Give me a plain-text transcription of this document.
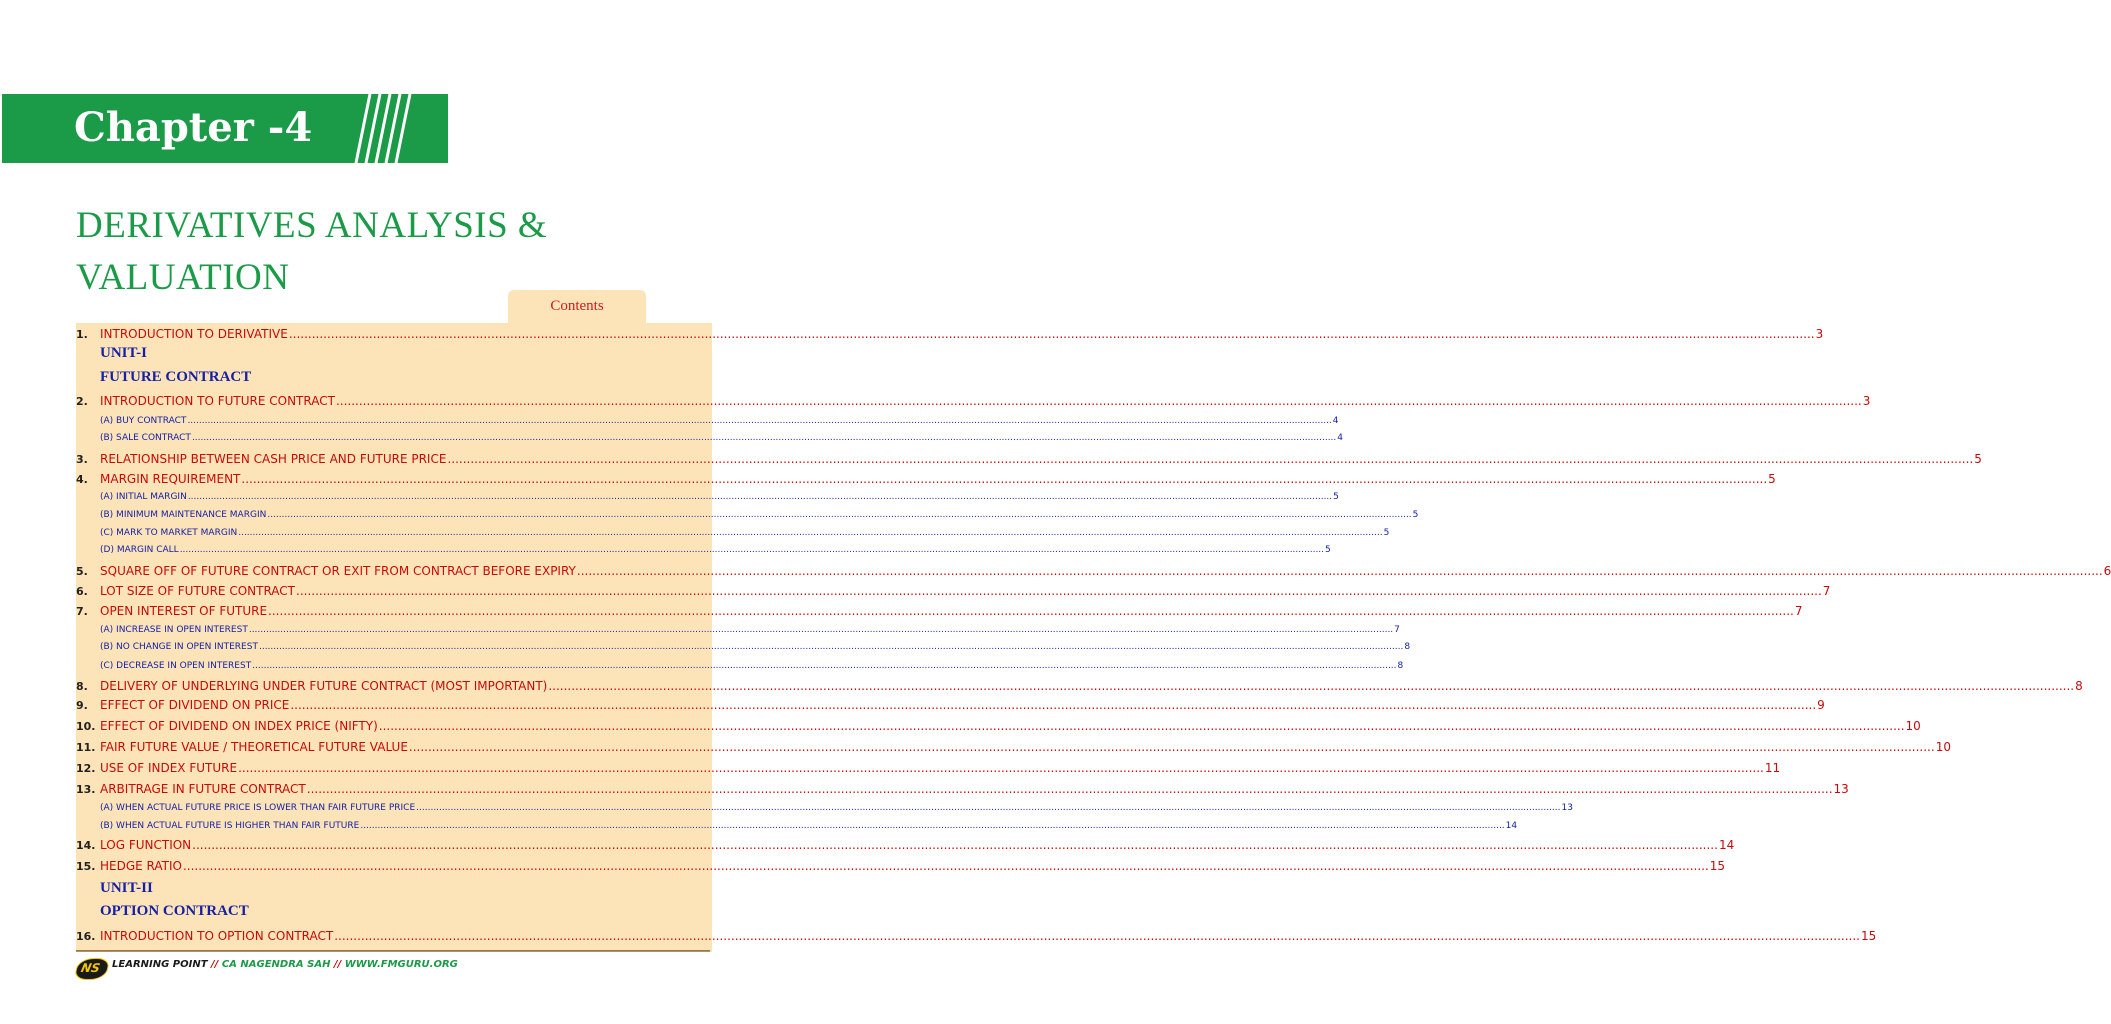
Chapter -4
DERIVATIVES ANALYSIS &
VALUATION
Contents
1.	INTRODUCTION TO DERIVATIVE ................................................................................................................................................................................................................................................................................................................................................................................................................ 3
UNIT-I
FUTURE CONTRACT
2.	INTRODUCTION TO FUTURE CONTRACT ................................................................................................................................................................................................................................................................................................................................................................................................................ 3
(A) BUY CONTRACT ................................................................................................................................................................................................................................................................................................................................................................................................................ 4
(B) SALE CONTRACT ................................................................................................................................................................................................................................................................................................................................................................................................................ 4
3.	RELATIONSHIP BETWEEN CASH PRICE AND FUTURE PRICE ................................................................................................................................................................................................................................................................................................................................................................................................................ 5
4.	MARGIN REQUIREMENT ................................................................................................................................................................................................................................................................................................................................................................................................................ 5
(A) INITIAL MARGIN ................................................................................................................................................................................................................................................................................................................................................................................................................ 5
(B) MINIMUM MAINTENANCE MARGIN ................................................................................................................................................................................................................................................................................................................................................................................................................ 5
(C) MARK TO MARKET MARGIN ................................................................................................................................................................................................................................................................................................................................................................................................................ 5
(D) MARGIN CALL ................................................................................................................................................................................................................................................................................................................................................................................................................ 5
5.	SQUARE OFF OF FUTURE CONTRACT OR EXIT FROM CONTRACT BEFORE EXPIRY ................................................................................................................................................................................................................................................................................................................................................................................................................ 6
6.	LOT SIZE OF FUTURE CONTRACT ................................................................................................................................................................................................................................................................................................................................................................................................................ 7
7.	OPEN INTEREST OF FUTURE ................................................................................................................................................................................................................................................................................................................................................................................................................ 7
(A) INCREASE IN OPEN INTEREST ................................................................................................................................................................................................................................................................................................................................................................................................................ 7
(B) NO CHANGE IN OPEN INTEREST ................................................................................................................................................................................................................................................................................................................................................................................................................ 8
(C) DECREASE IN OPEN INTEREST ................................................................................................................................................................................................................................................................................................................................................................................................................ 8
8.	DELIVERY OF UNDERLYING UNDER FUTURE CONTRACT (MOST IMPORTANT) ................................................................................................................................................................................................................................................................................................................................................................................................................ 8
9.	EFFECT OF DIVIDEND ON PRICE ................................................................................................................................................................................................................................................................................................................................................................................................................ 9
10. EFFECT OF DIVIDEND ON INDEX PRICE (NIFTY) ................................................................................................................................................................................................................................................................................................................................................................................................................ 10
11. FAIR FUTURE VALUE / THEORETICAL FUTURE VALUE ................................................................................................................................................................................................................................................................................................................................................................................................................ 10
12. USE OF INDEX FUTURE ................................................................................................................................................................................................................................................................................................................................................................................................................ 11
13. ARBITRAGE IN FUTURE CONTRACT ................................................................................................................................................................................................................................................................................................................................................................................................................ 13
(A) WHEN ACTUAL FUTURE PRICE IS LOWER THAN FAIR FUTURE PRICE ................................................................................................................................................................................................................................................................................................................................................................................................................ 13
(B) WHEN ACTUAL FUTURE IS HIGHER THAN FAIR FUTURE ................................................................................................................................................................................................................................................................................................................................................................................................................ 14
14. LOG FUNCTION ................................................................................................................................................................................................................................................................................................................................................................................................................ 14
15. HEDGE RATIO ................................................................................................................................................................................................................................................................................................................................................................................................................ 15
UNIT-II
OPTION CONTRACT
16. INTRODUCTION TO OPTION CONTRACT ................................................................................................................................................................................................................................................................................................................................................................................................................ 15
NS LEARNING POINT // CA NAGENDRA SAH // WWW.FMGURU.ORG
